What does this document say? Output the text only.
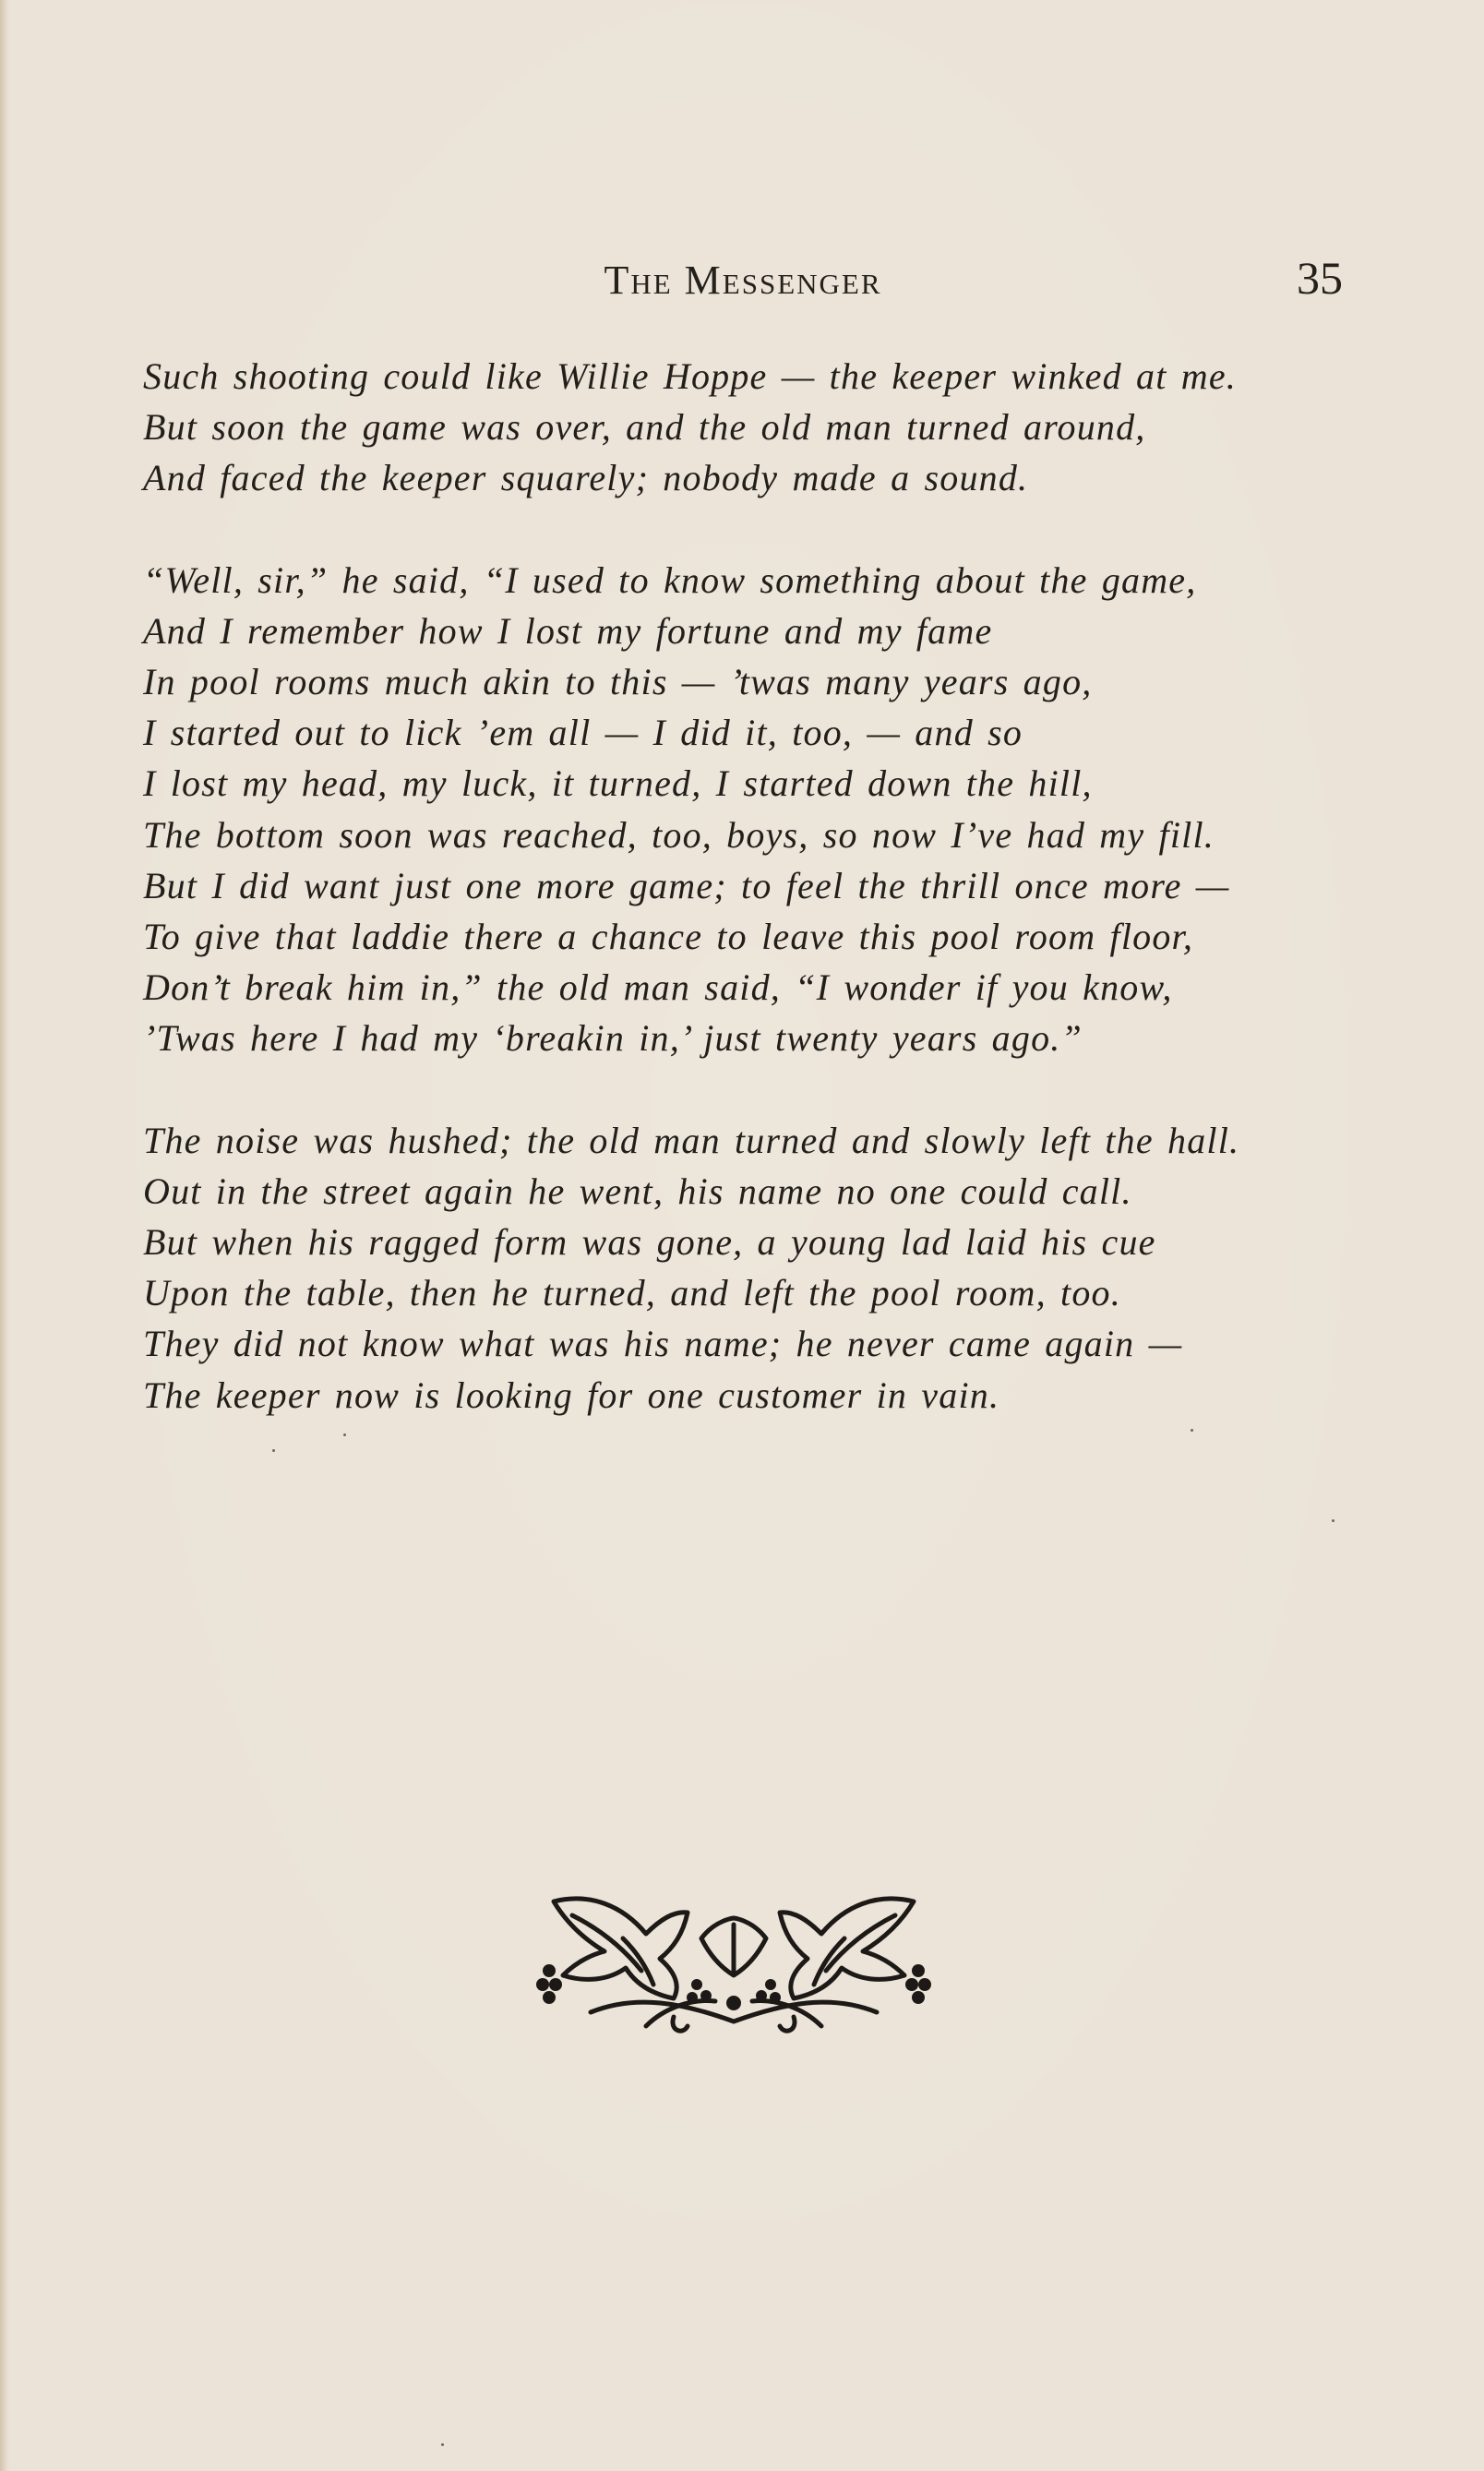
The Messenger	35
Such shooting could like Willie Hoppe — the keeper winked at me.
But soon the game was over, and the old man turned around,
And faced the keeper squarely; nobody made a sound.
“Well, sir,” he said, “I used to know something about the game,
And I remember how I lost my fortune and my fame
In pool rooms much akin to this — ’twas many years ago,
I started out to lick ’em all — I did it, too, — and so
I lost my head, my luck, it turned, I started down the hill,
The bottom soon was reached, too, boys, so now I’ve had my fill.
But I did want just one more game; to feel the thrill once more —
To give that laddie there a chance to leave this pool room floor,
Don’t break him in,” the old man said, “I wonder if you know,
’Twas here I had my ‘breakin in,’ just twenty years ago.”
The noise was hushed; the old man turned and slowly left the hall.
Out in the street again he went, his name no one could call.
But when his ragged form was gone, a young lad laid his cue
Upon the table, then he turned, and left the pool room, too.
They did not know what was his name; he never came again —
The keeper now is looking for one customer in vain.
